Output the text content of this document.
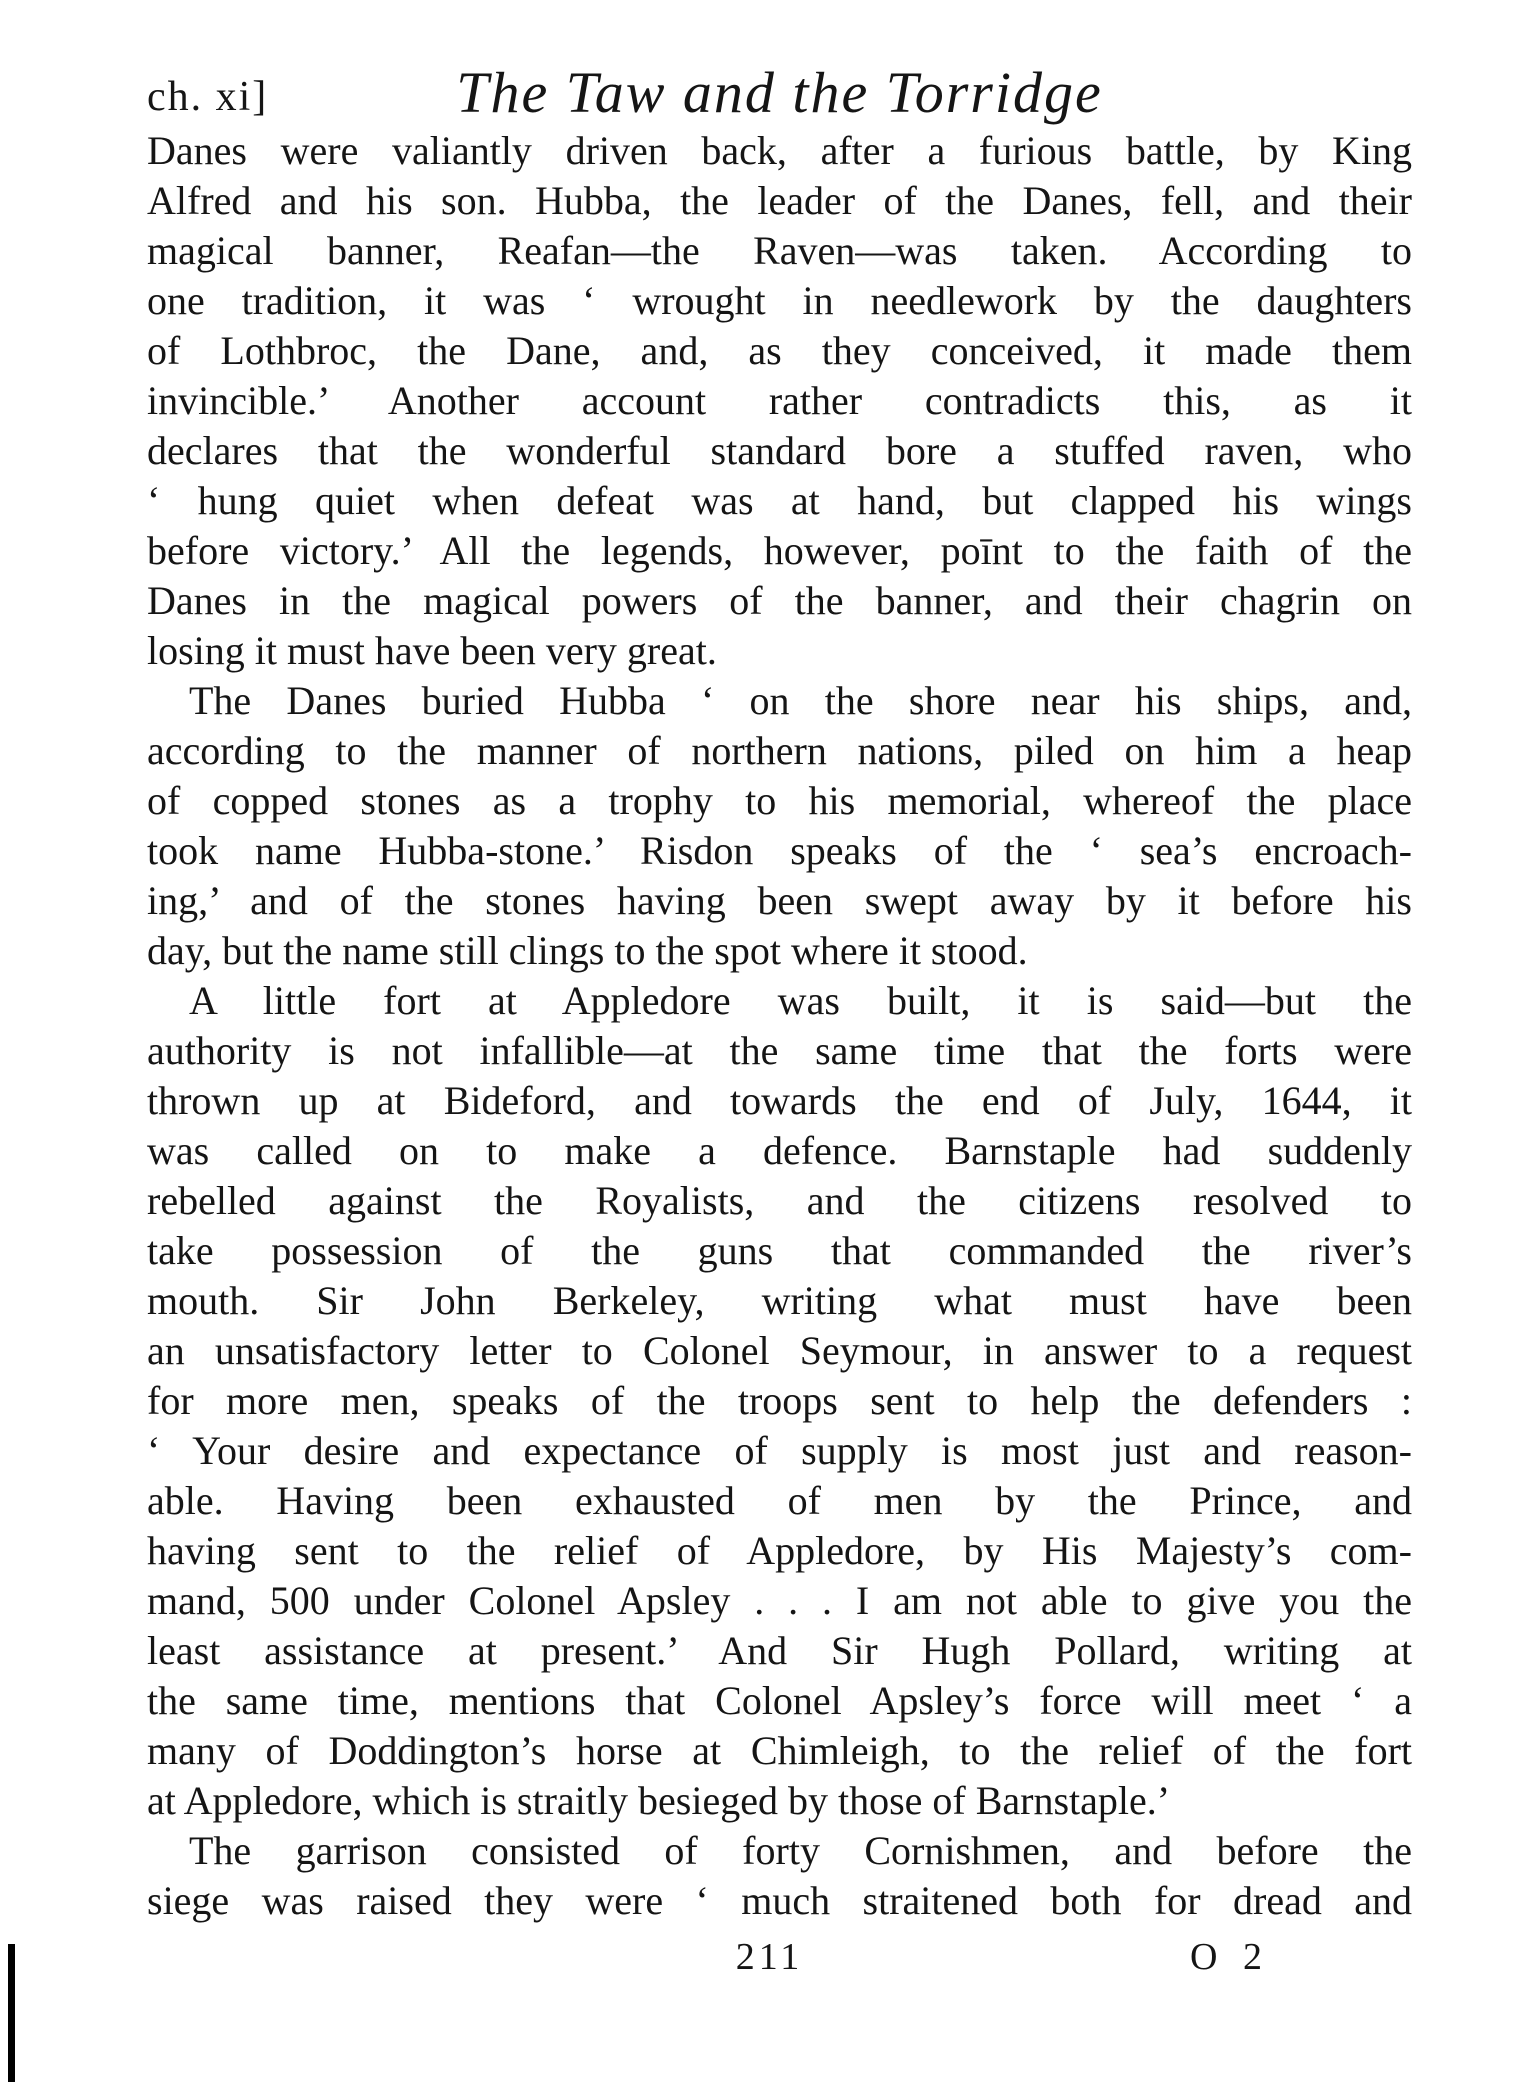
ch. xi]	The Taw and the Torridge
Danes were valiantly driven back, after a furious battle, by King
Alfred and his son. Hubba, the leader of the Danes, fell, and their
magical banner, Reafan—the Raven—was taken. According to
one tradition, it was ‘ wrought in needlework by the daughters
of Lothbroc, the Dane, and, as they conceived, it made them
invincible.’ Another account rather contradicts this, as it
declares that the wonderful standard bore a stuffed raven, who
‘ hung quiet when defeat was at hand, but clapped his wings
before victory.’ All the legends, however, poīnt to the faith of the
Danes in the magical powers of the banner, and their chagrin on
losing it must have been very great.
The Danes buried Hubba ‘ on the shore near his ships, and,
according to the manner of northern nations, piled on him a heap
of copped stones as a trophy to his memorial, whereof the place
took name Hubba-stone.’ Risdon speaks of the ‘ sea’s encroach-
ing,’ and of the stones having been swept away by it before his
day, but the name still clings to the spot where it stood.
A little fort at Appledore was built, it is said—but the
authority is not infallible—at the same time that the forts were
thrown up at Bideford, and towards the end of July, 1644, it
was called on to make a defence. Barnstaple had suddenly
rebelled against the Royalists, and the citizens resolved to
take possession of the guns that commanded the river’s
mouth. Sir John Berkeley, writing what must have been
an unsatisfactory letter to Colonel Seymour, in answer to a request
for more men, speaks of the troops sent to help the defenders :
‘ Your desire and expectance of supply is most just and reason-
able. Having been exhausted of men by the Prince, and
having sent to the relief of Appledore, by His Majesty’s com-
mand, 500 under Colonel Apsley . . . I am not able to give you the
least assistance at present.’ And Sir Hugh Pollard, writing at
the same time, mentions that Colonel Apsley’s force will meet ‘ a
many of Doddington’s horse at Chimleigh, to the relief of the fort
at Appledore, which is straitly besieged by those of Barnstaple.’
The garrison consisted of forty Cornishmen, and before the
siege was raised they were ‘ much straitened both for dread and
211	O 2
